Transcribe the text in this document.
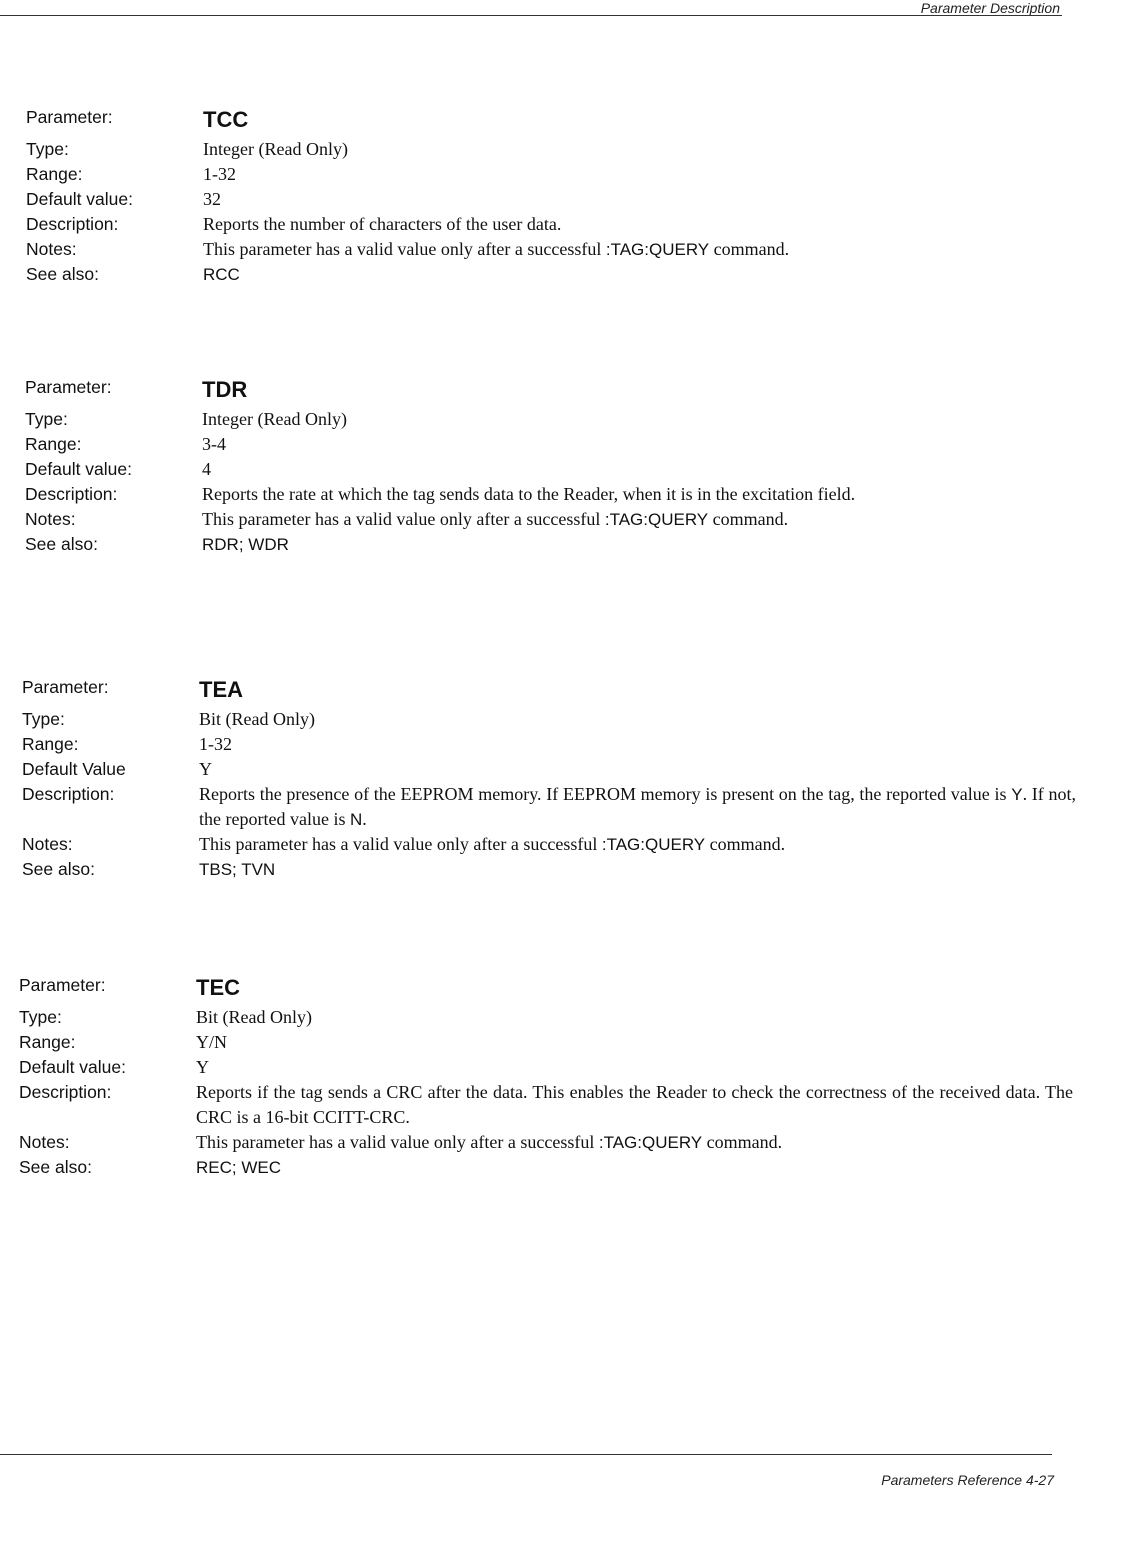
Parameter Description
Parameter:	TCC
Type:	Integer (Read Only)
Range:	1-32
Default value:	32
Description:	Reports the number of characters of the user data.
Notes:	This parameter has a valid value only after a successful :TAG:QUERY command.
See also:	RCC
Parameter:	TDR
Type:	Integer (Read Only)
Range:	3-4
Default value:	4
Description:	Reports the rate at which the tag sends data to the Reader, when it is in the excitation field.
Notes:	This parameter has a valid value only after a successful :TAG:QUERY command.
See also:	RDR; WDR
Parameter:	TEA
Type:	Bit (Read Only)
Range:	1-32
Default Value	Y
Description:	Reports the presence of the EEPROM memory. If EEPROM memory is present on the tag, the reported value is Y. If not, the reported value is N.
Notes:	This parameter has a valid value only after a successful :TAG:QUERY command.
See also:	TBS; TVN
Parameter:	TEC
Type:	Bit (Read Only)
Range:	Y/N
Default value:	Y
Description:	Reports if the tag sends a CRC after the data. This enables the Reader to check the correctness of the received data. The CRC is a 16-bit CCITT-CRC.
Notes:	This parameter has a valid value only after a successful :TAG:QUERY command.
See also:	REC; WEC
Parameters Reference 4-27
